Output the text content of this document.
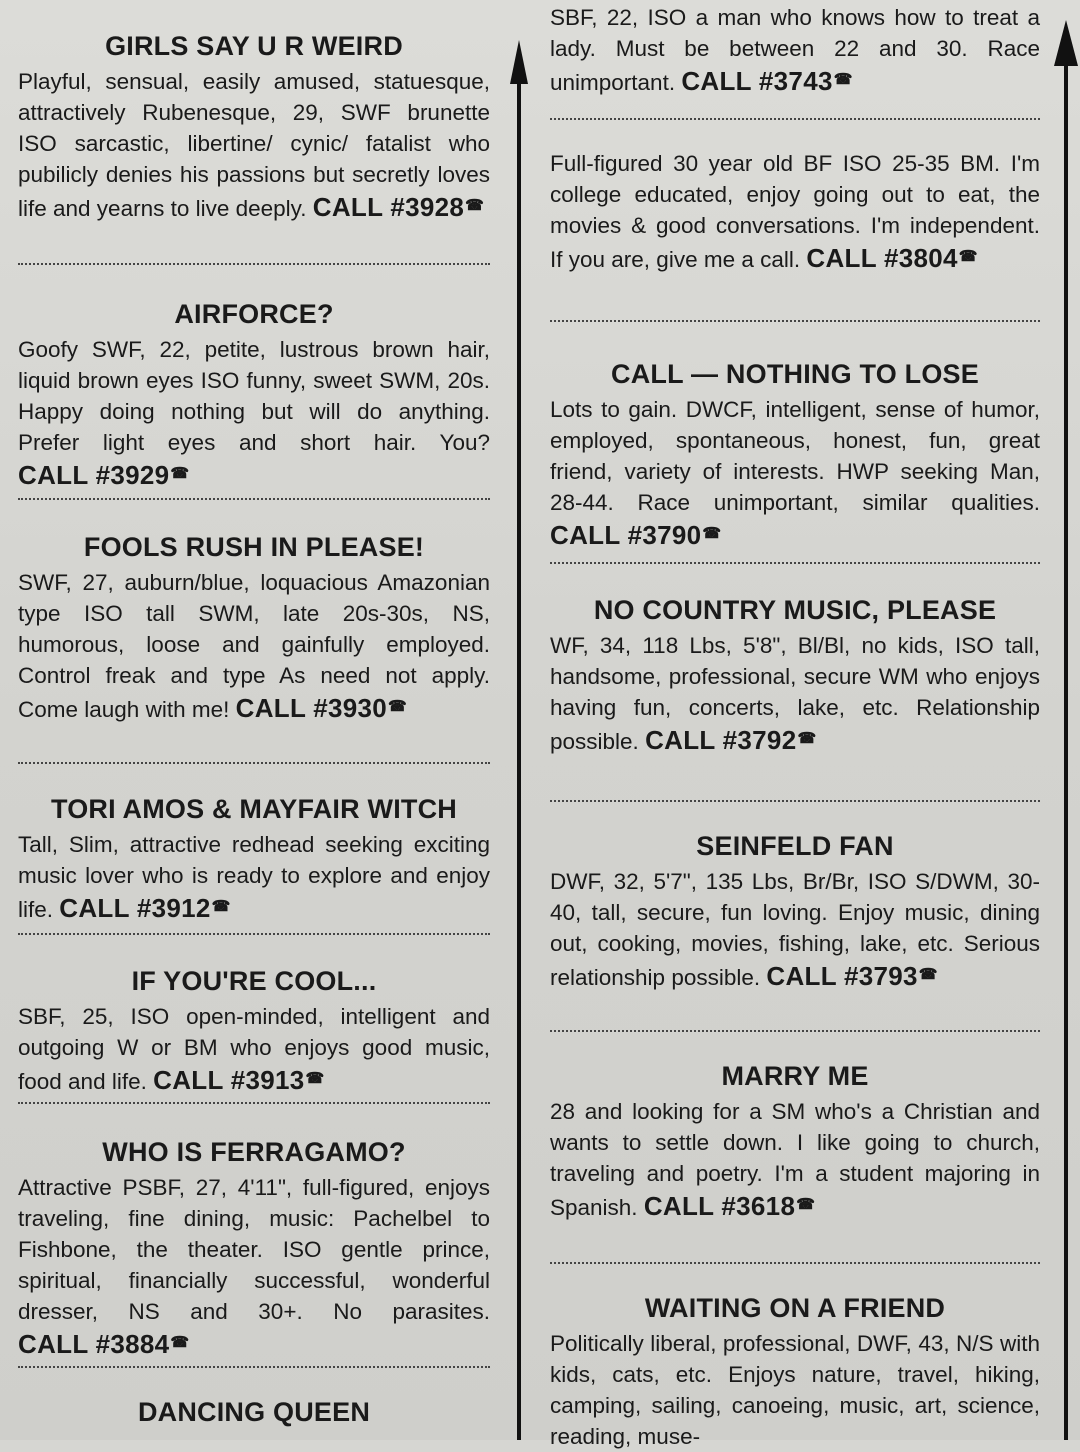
GIRLS SAY U R WEIRD
Playful, sensual, easily amused, statuesque, attractively Rubenesque, 29, SWF brunette ISO sarcastic, libertine/ cynic/ fatalist who pubilicly denies his passions but secretly loves life and yearns to live deeply. CALL #3928☎
AIRFORCE?
Goofy SWF, 22, petite, lustrous brown hair, liquid brown eyes ISO funny, sweet SWM, 20s. Happy doing nothing but will do anything. Prefer light eyes and short hair. You? CALL #3929☎
FOOLS RUSH IN PLEASE!
SWF, 27, auburn/blue, loquacious Amazonian type ISO tall SWM, late 20s-30s, NS, humorous, loose and gainfully employed. Control freak and type As need not apply. Come laugh with me! CALL #3930☎
TORI AMOS & MAYFAIR WITCH
Tall, Slim, attractive redhead seeking exciting music lover who is ready to explore and enjoy life. CALL #3912☎
IF YOU'RE COOL...
SBF, 25, ISO open-minded, intelligent and outgoing W or BM who enjoys good music, food and life. CALL #3913☎
WHO IS FERRAGAMO?
Attractive PSBF, 27, 4'11", full-figured, enjoys traveling, fine dining, music: Pachelbel to Fishbone, the theater. ISO gentle prince, spiritual, financially successful, wonderful dresser, NS and 30+. No parasites. CALL #3884☎
DANCING QUEEN
SBF, 22, ISO a man who knows how to treat a lady. Must be between 22 and 30. Race unimportant. CALL #3743☎
Full-figured 30 year old BF ISO 25-35 BM. I'm college educated, enjoy going out to eat, the movies & good conversations. I'm independent. If you are, give me a call. CALL #3804☎
CALL — NOTHING TO LOSE
Lots to gain. DWCF, intelligent, sense of humor, employed, spontaneous, honest, fun, great friend, variety of interests. HWP seeking Man, 28-44. Race unimportant, similar qualities. CALL #3790☎
NO COUNTRY MUSIC, PLEASE
WF, 34, 118 Lbs, 5'8", Bl/Bl, no kids, ISO tall, handsome, professional, secure WM who enjoys having fun, concerts, lake, etc. Relationship possible. CALL #3792☎
SEINFELD FAN
DWF, 32, 5'7", 135 Lbs, Br/Br, ISO S/DWM, 30-40, tall, secure, fun loving. Enjoy music, dining out, cooking, movies, fishing, lake, etc. Serious relationship possible. CALL #3793☎
MARRY ME
28 and looking for a SM who's a Christian and wants to settle down. I like going to church, traveling and poetry. I'm a student majoring in Spanish. CALL #3618☎
WAITING ON A FRIEND
Politically liberal, professional, DWF, 43, N/S with kids, cats, etc. Enjoys nature, travel, hiking, camping, sailing, canoeing, music, art, science, reading, muse-
